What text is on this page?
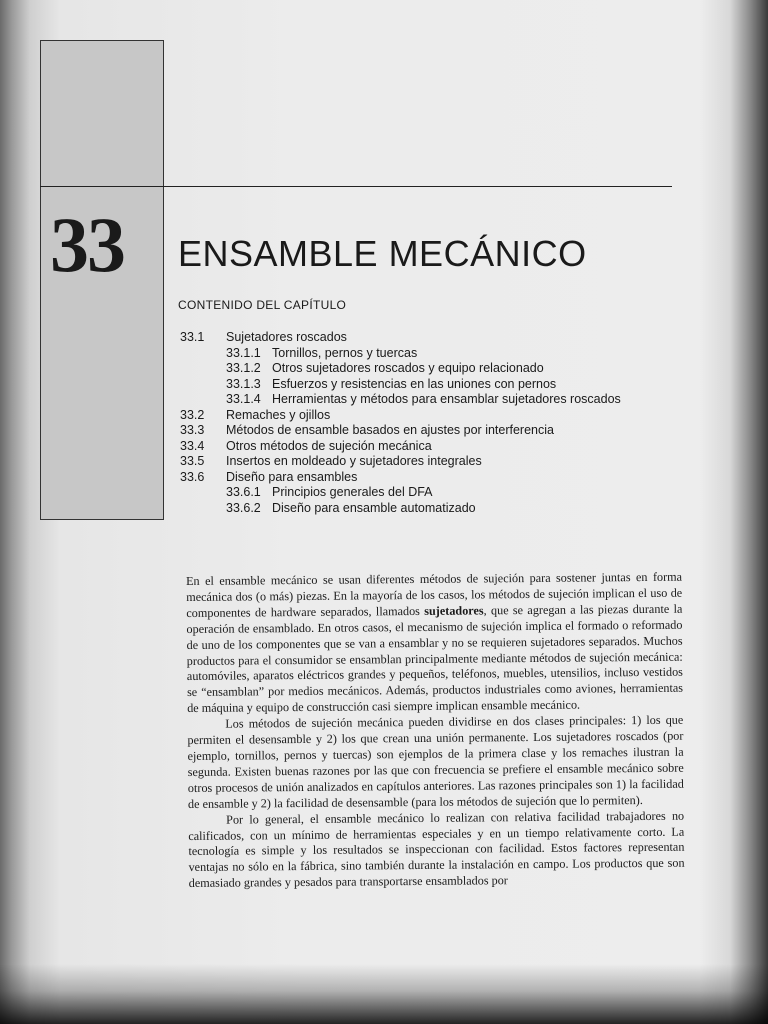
33 ENSAMBLE MECÁNICO
CONTENIDO DEL CAPÍTULO
33.1 Sujetadores roscados
33.1.1 Tornillos, pernos y tuercas
33.1.2 Otros sujetadores roscados y equipo relacionado
33.1.3 Esfuerzos y resistencias en las uniones con pernos
33.1.4 Herramientas y métodos para ensamblar sujetadores roscados
33.2 Remaches y ojillos
33.3 Métodos de ensamble basados en ajustes por interferencia
33.4 Otros métodos de sujeción mecánica
33.5 Insertos en moldeado y sujetadores integrales
33.6 Diseño para ensambles
33.6.1 Principios generales del DFA
33.6.2 Diseño para ensamble automatizado

En el ensamble mecánico se usan diferentes métodos de sujeción para sostener juntas en forma mecánica dos (o más) piezas. En la mayoría de los casos, los métodos de sujeción implican el uso de componentes de hardware separados, llamados sujetadores, que se agregan a las piezas durante la operación de ensamblado. En otros casos, el mecanismo de sujeción implica el formado o reformado de uno de los componentes que se van a ensamblar y no se requieren sujetadores separados. Muchos productos para el consumidor se ensamblan principalmente mediante métodos de sujeción mecánica: automóviles, aparatos eléctricos grandes y pequeños, teléfonos, muebles, utensilios, incluso vestidos se “ensamblan” por medios mecánicos. Además, productos industriales como aviones, herramientas de máquina y equipo de construcción casi siempre implican ensamble mecánico.

Los métodos de sujeción mecánica pueden dividirse en dos clases principales: 1) los que permiten el desensamble y 2) los que crean una unión permanente. Los sujetadores roscados (por ejemplo, tornillos, pernos y tuercas) son ejemplos de la primera clase y los remaches ilustran la segunda. Existen buenas razones por las que con frecuencia se prefiere el ensamble mecánico sobre otros procesos de unión analizados en capítulos anteriores. Las razones principales son 1) la facilidad de ensamble y 2) la facilidad de desensamble (para los métodos de sujeción que lo permiten).

Por lo general, el ensamble mecánico lo realizan con relativa facilidad trabajadores no calificados, con un mínimo de herramientas especiales y en un tiempo relativamente corto. La tecnología es simple y los resultados se inspeccionan con facilidad. Estos factores representan ventajas no sólo en la fábrica, sino también durante la instalación en campo. Los productos que son demasiado grandes y pesados para transportarse ensamblados por
